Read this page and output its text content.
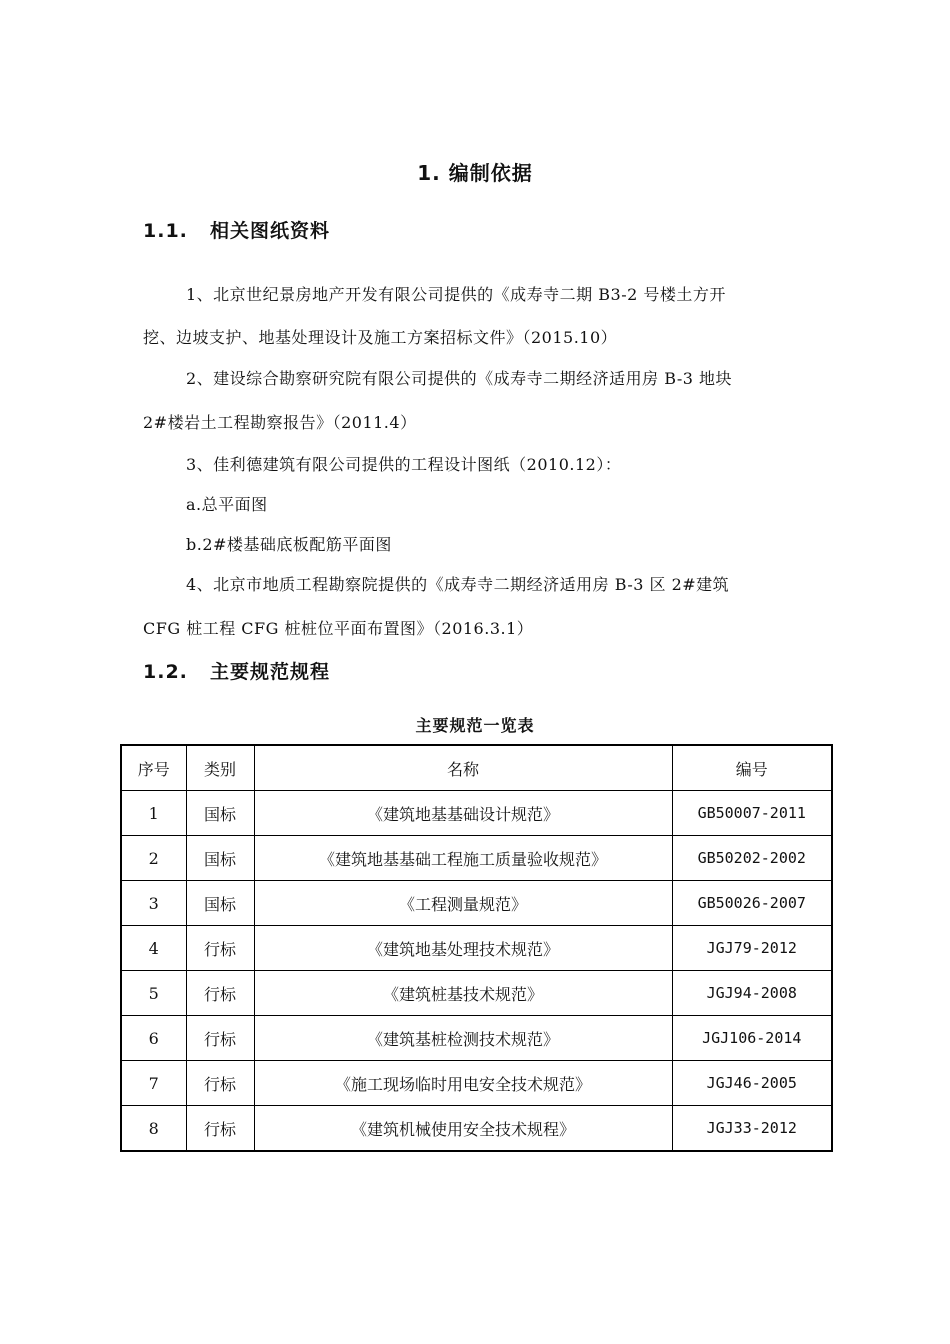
1. 编制依据
1.1. 相关图纸资料
1、北京世纪景房地产开发有限公司提供的《成寿寺二期 B3-2 号楼土方开
挖、边坡支护、地基处理设计及施工方案招标文件》（2015.10）
2、建设综合勘察研究院有限公司提供的《成寿寺二期经济适用房 B-3 地块
2#楼岩土工程勘察报告》（2011.4）
3、佳利德建筑有限公司提供的工程设计图纸（2010.12）：
a.总平面图
b.2#楼基础底板配筋平面图
4、北京市地质工程勘察院提供的《成寿寺二期经济适用房 B-3 区 2#建筑
CFG 桩工程 CFG 桩桩位平面布置图》（2016.3.1）
1.2. 主要规范规程
主要规范一览表
序号	类别	名称	编号
1	国标	《建筑地基基础设计规范》	GB50007-2011
2	国标	《建筑地基基础工程施工质量验收规范》	GB50202-2002
3	国标	《工程测量规范》	GB50026-2007
4	行标	《建筑地基处理技术规范》	JGJ79-2012
5	行标	《建筑桩基技术规范》	JGJ94-2008
6	行标	《建筑基桩检测技术规范》	JGJ106-2014
7	行标	《施工现场临时用电安全技术规范》	JGJ46-2005
8	行标	《建筑机械使用安全技术规程》	JGJ33-2012
